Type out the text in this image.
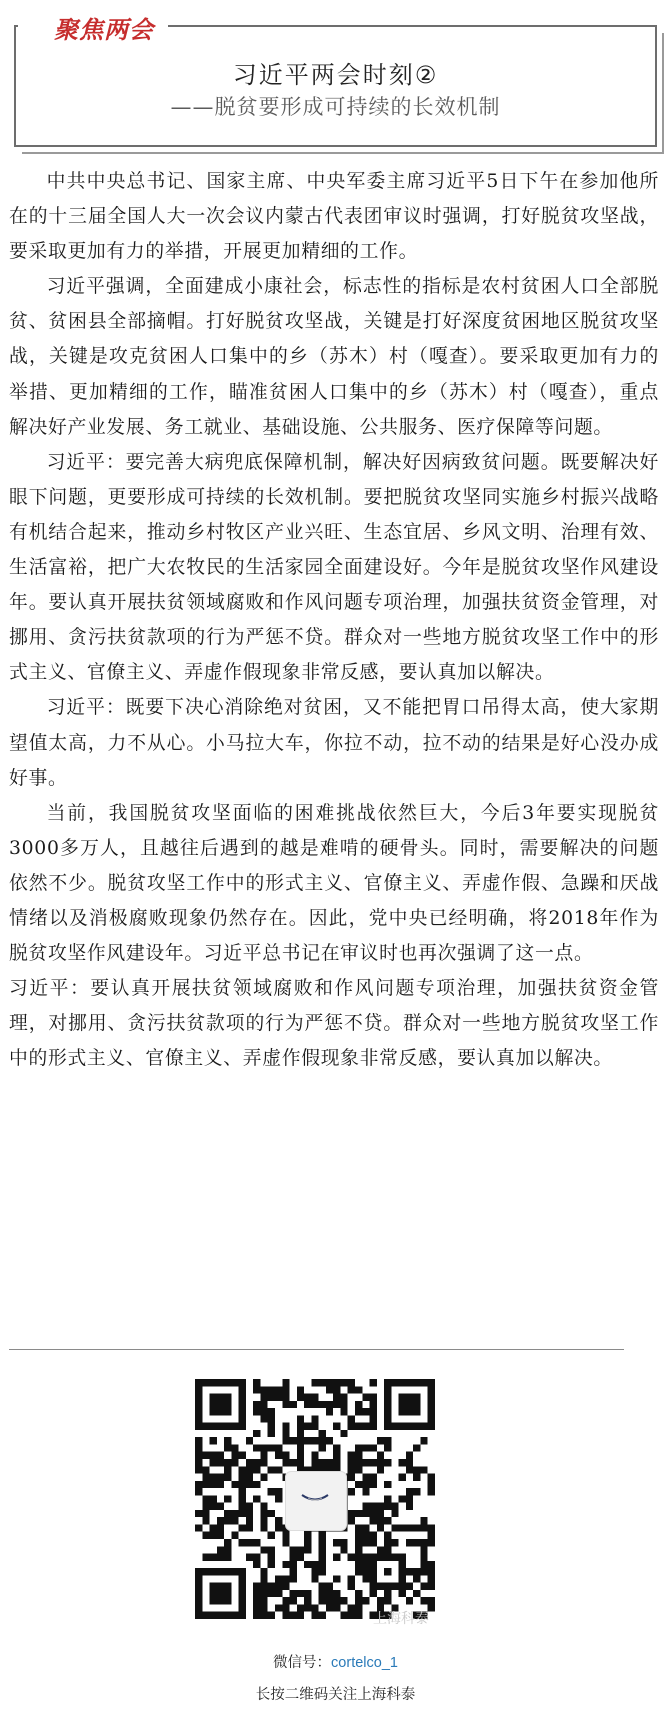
聚焦两会
习近平两会时刻②
——脱贫要形成可持续的长效机制

中共中央总书记、国家主席、中央军委主席习近平5日下午在参加他所在的十三届全国人大一次会议内蒙古代表团审议时强调，打好脱贫攻坚战，要采取更加有力的举措，开展更加精细的工作。

习近平强调，全面建成小康社会，标志性的指标是农村贫困人口全部脱贫、贫困县全部摘帽。打好脱贫攻坚战，关键是打好深度贫困地区脱贫攻坚战，关键是攻克贫困人口集中的乡（苏木）村（嘎查）。要采取更加有力的举措、更加精细的工作，瞄准贫困人口集中的乡（苏木）村（嘎查），重点解决好产业发展、务工就业、基础设施、公共服务、医疗保障等问题。

习近平：要完善大病兜底保障机制，解决好因病致贫问题。既要解决好眼下问题，更要形成可持续的长效机制。要把脱贫攻坚同实施乡村振兴战略有机结合起来，推动乡村牧区产业兴旺、生态宜居、乡风文明、治理有效、生活富裕，把广大农牧民的生活家园全面建设好。今年是脱贫攻坚作风建设年。要认真开展扶贫领域腐败和作风问题专项治理，加强扶贫资金管理，对挪用、贪污扶贫款项的行为严惩不贷。群众对一些地方脱贫攻坚工作中的形式主义、官僚主义、弄虚作假现象非常反感，要认真加以解决。

习近平：既要下决心消除绝对贫困，又不能把胃口吊得太高，使大家期望值太高，力不从心。小马拉大车，你拉不动，拉不动的结果是好心没办成好事。

当前，我国脱贫攻坚面临的困难挑战依然巨大，今后3年要实现脱贫3000多万人，且越往后遇到的越是难啃的硬骨头。同时，需要解决的问题依然不少。脱贫攻坚工作中的形式主义、官僚主义、弄虚作假、急躁和厌战情绪以及消极腐败现象仍然存在。因此，党中央已经明确，将2018年作为脱贫攻坚作风建设年。习近平总书记在审议时也再次强调了这一点。

习近平：要认真开展扶贫领域腐败和作风问题专项治理，加强扶贫资金管理，对挪用、贪污扶贫款项的行为严惩不贷。群众对一些地方脱贫攻坚工作中的形式主义、官僚主义、弄虚作假现象非常反感，要认真加以解决。

上海科泰
微信号：cortelco_1
长按二维码关注上海科泰
